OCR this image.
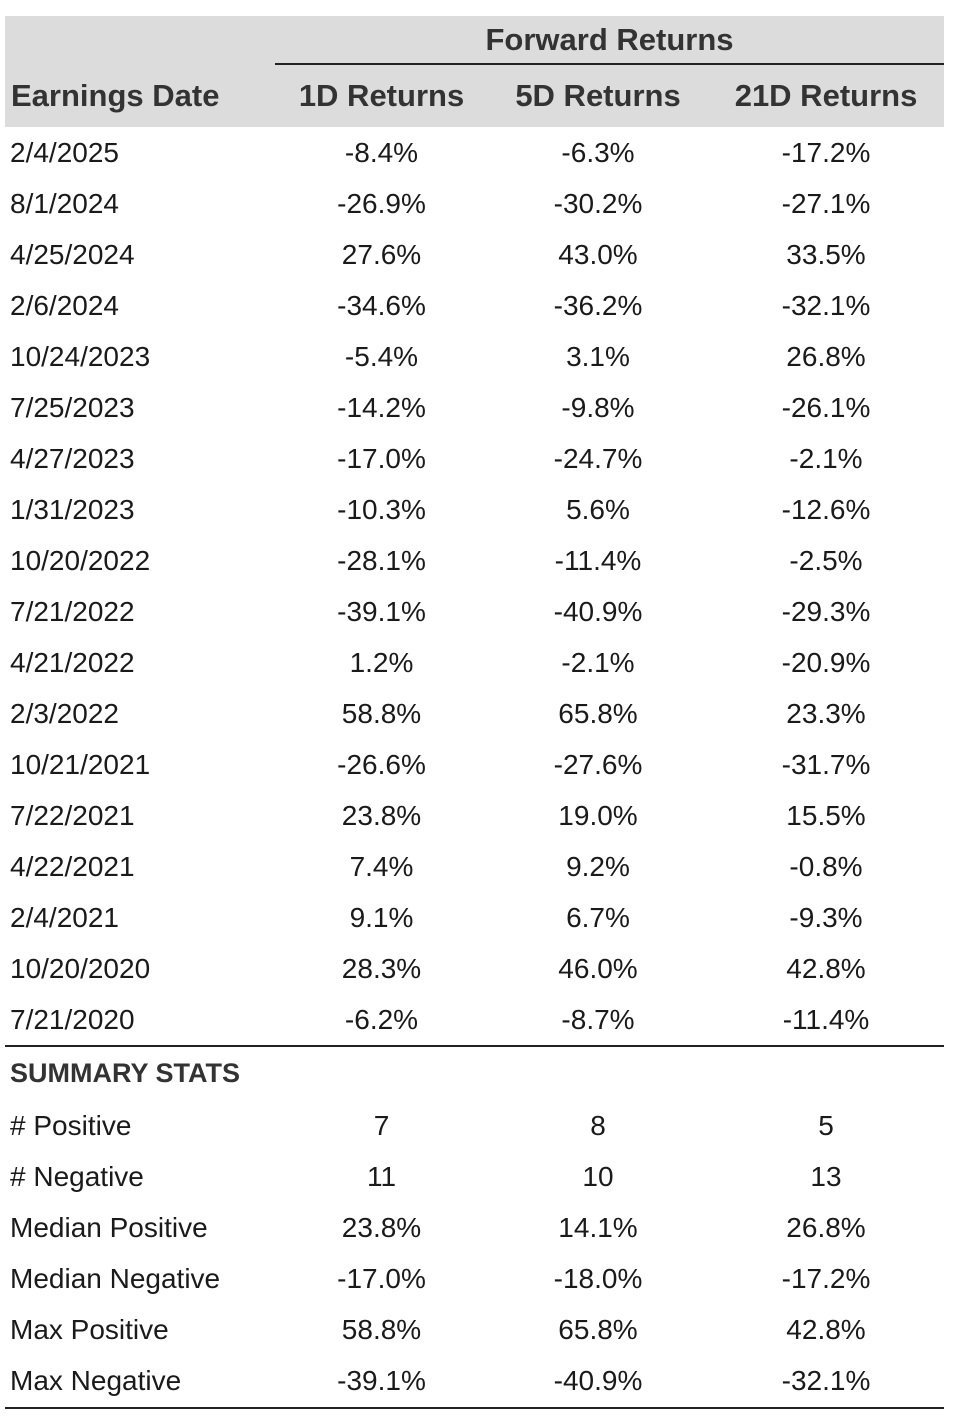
	Forward Returns		
Earnings Date	1D Returns	5D Returns	21D Returns
2/4/2025	-8.4%	-6.3%	-17.2%
8/1/2024	-26.9%	-30.2%	-27.1%
4/25/2024	27.6%	43.0%	33.5%
2/6/2024	-34.6%	-36.2%	-32.1%
10/24/2023	-5.4%	3.1%	26.8%
7/25/2023	-14.2%	-9.8%	-26.1%
4/27/2023	-17.0%	-24.7%	-2.1%
1/31/2023	-10.3%	5.6%	-12.6%
10/20/2022	-28.1%	-11.4%	-2.5%
7/21/2022	-39.1%	-40.9%	-29.3%
4/21/2022	1.2%	-2.1%	-20.9%
2/3/2022	58.8%	65.8%	23.3%
10/21/2021	-26.6%	-27.6%	-31.7%
7/22/2021	23.8%	19.0%	15.5%
4/22/2021	7.4%	9.2%	-0.8%
2/4/2021	9.1%	6.7%	-9.3%
10/20/2020	28.3%	46.0%	42.8%
7/21/2020	-6.2%	-8.7%	-11.4%
SUMMARY STATS			
# Positive	7	8	5
# Negative	11	10	13
Median Positive	23.8%	14.1%	26.8%
Median Negative	-17.0%	-18.0%	-17.2%
Max Positive	58.8%	65.8%	42.8%
Max Negative	-39.1%	-40.9%	-32.1%
